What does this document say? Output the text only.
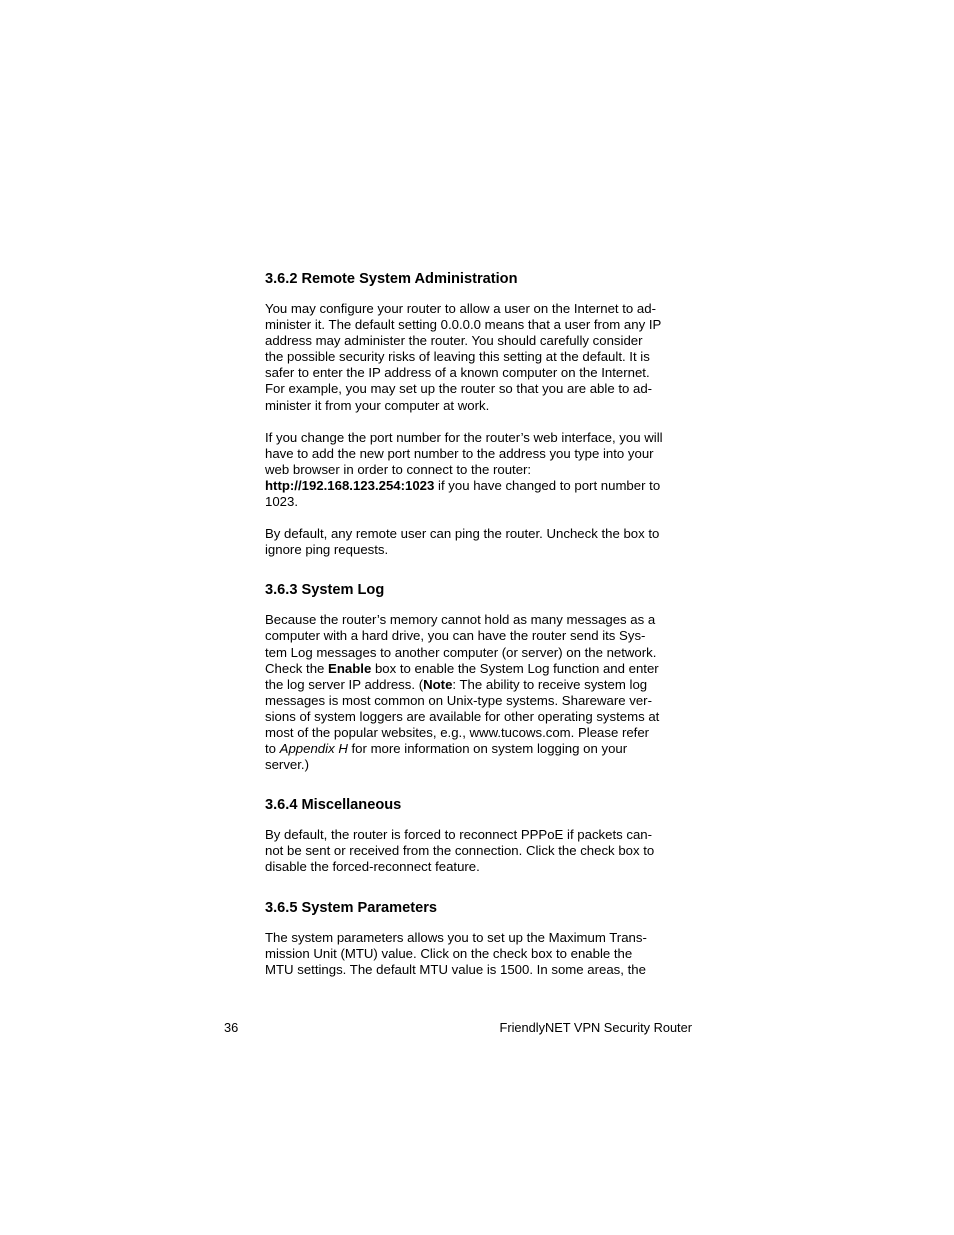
3.6.2 Remote System Administration

You may configure your router to allow a user on the Internet to ad-
minister it. The default setting 0.0.0.0 means that a user from any IP
address may administer the router. You should carefully consider
the possible security risks of leaving this setting at the default. It is
safer to enter the IP address of a known computer on the Internet.
For example, you may set up the router so that you are able to ad-
minister it from your computer at work.

If you change the port number for the router’s web interface, you will
have to add the new port number to the address you type into your
web browser in order to connect to the router:
http://192.168.123.254:1023 if you have changed to port number to
1023.

By default, any remote user can ping the router. Uncheck the box to
ignore ping requests.

3.6.3 System Log

Because the router’s memory cannot hold as many messages as a
computer with a hard drive, you can have the router send its Sys-
tem Log messages to another computer (or server) on the network.
Check the Enable box to enable the System Log function and enter
the log server IP address. (Note: The ability to receive system log
messages is most common on Unix-type systems. Shareware ver-
sions of system loggers are available for other operating systems at
most of the popular websites, e.g., www.tucows.com. Please refer
to Appendix H for more information on system logging on your
server.)

3.6.4 Miscellaneous

By default, the router is forced to reconnect PPPoE if packets can-
not be sent or received from the connection. Click the check box to
disable the forced-reconnect feature.

3.6.5 System Parameters

The system parameters allows you to set up the Maximum Trans-
mission Unit (MTU) value. Click on the check box to enable the
MTU settings. The default MTU value is 1500. In some areas, the

36	FriendlyNET VPN Security Router
